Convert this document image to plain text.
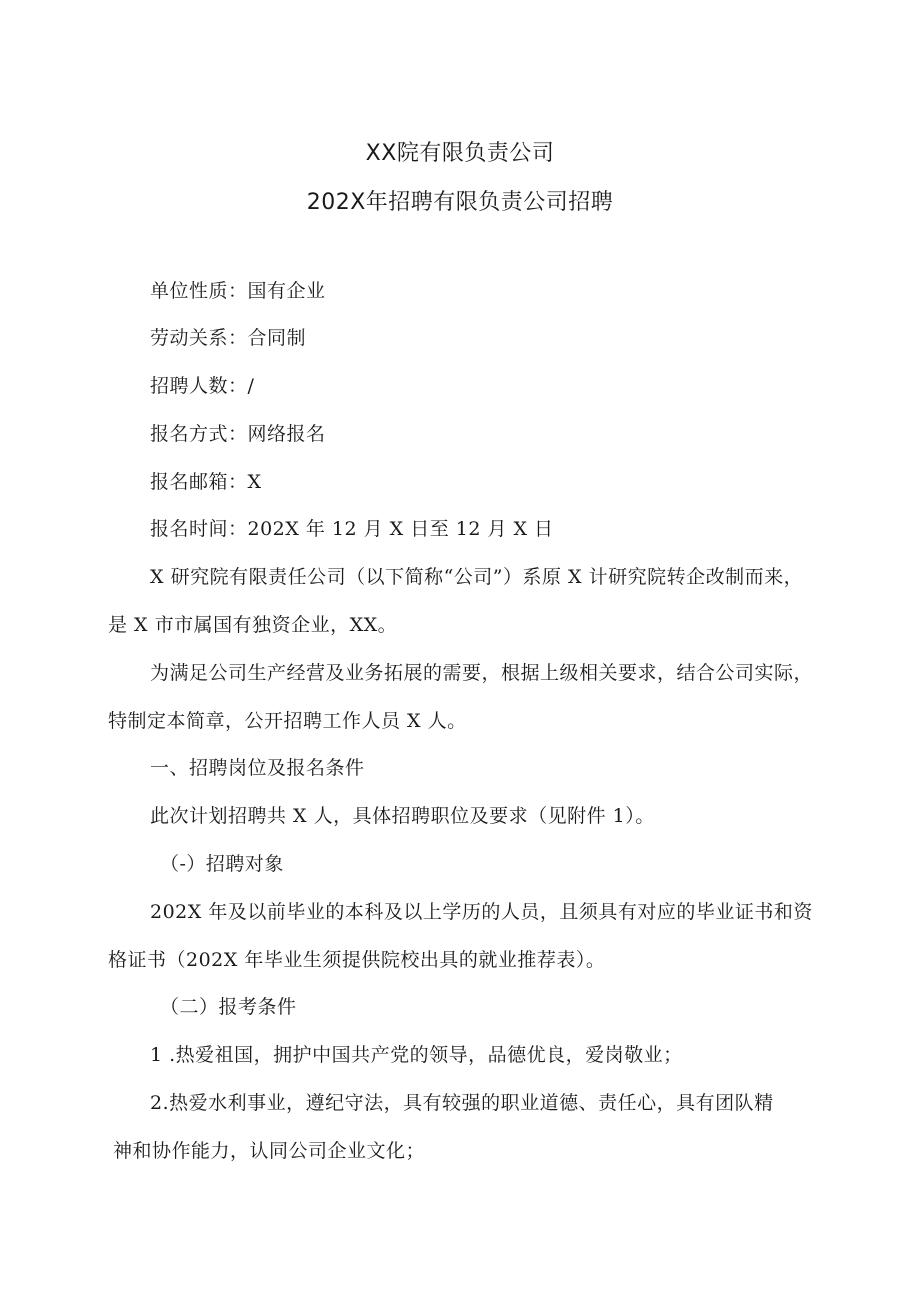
XX院有限负责公司
202X年招聘有限负责公司招聘
单位性质：国有企业
劳动关系：合同制
招聘人数：/
报名方式：网络报名
报名邮箱：X
报名时间：202X 年 12 月 X 日至 12 月 X 日
X 研究院有限责任公司（以下简称“公司”）系原 X 计研究院转企改制而来，
是 X 市市属国有独资企业，XX。
为满足公司生产经营及业务拓展的需要，根据上级相关要求，结合公司实际，
特制定本简章，公开招聘工作人员 X 人。
一、招聘岗位及报名条件
此次计划招聘共 X 人，具体招聘职位及要求（见附件 1）。
（-）招聘对象
202X 年及以前毕业的本科及以上学历的人员，且须具有对应的毕业证书和资
格证书（202X 年毕业生须提供院校出具的就业推荐表）。
（二）报考条件
1 .热爱祖国，拥护中国共产党的领导，品德优良，爱岗敬业；
2.热爱水利事业，遵纪守法，具有较强的职业道德、责任心，具有团队精
神和协作能力，认同公司企业文化；
